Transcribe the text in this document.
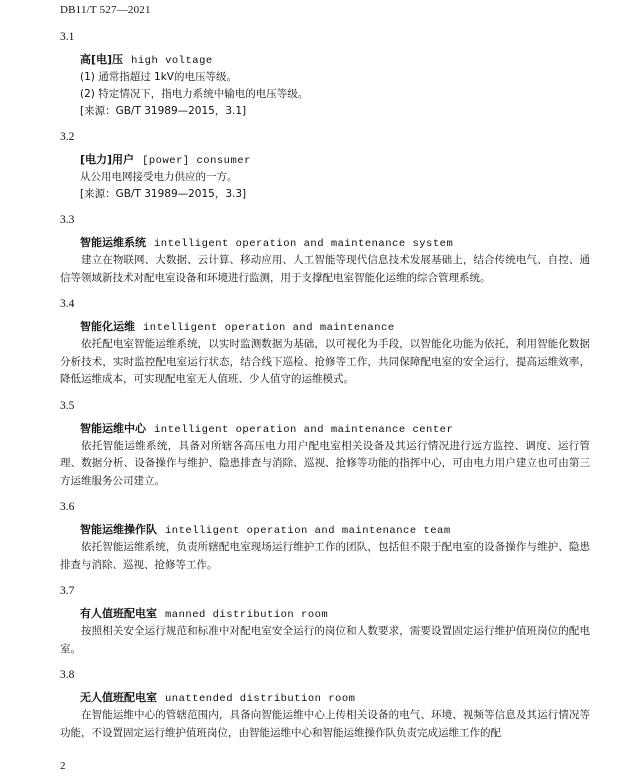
DB11/T 527—2021
3.1
高[电]压 high voltage
(1) 通常指超过 1kV的电压等级。
(2) 特定情况下，指电力系统中输电的电压等级。
[来源：GB/T 31989—2015，3.1]
3.2
[电力]用户 [power] consumer
从公用电网接受电力供应的一方。
[来源：GB/T 31989—2015，3.3]
3.3
智能运维系统 intelligent operation and maintenance system

建立在物联网、大数据、云计算、移动应用、人工智能等现代信息技术发展基础上，结合传统电气、自控、通信等领域新技术对配电室设备和环境进行监测，用于支撑配电室智能化运维的综合管理系统。

3.4
智能化运维 intelligent operation and maintenance

依托配电室智能运维系统，以实时监测数据为基础，以可视化为手段，以智能化功能为依托，利用智能化数据分析技术，实时监控配电室运行状态，结合线下巡检、抢修等工作，共同保障配电室的安全运行，提高运维效率，降低运维成本，可实现配电室无人值班、少人值守的运维模式。

3.5
智能运维中心 intelligent operation and maintenance center

依托智能运维系统，具备对所辖各高压电力用户配电室相关设备及其运行情况进行远方监控、调度、运行管理、数据分析、设备操作与维护、隐患排查与消除、巡视、抢修等功能的指挥中心，可由电力用户建立也可由第三方运维服务公司建立。

3.6
智能运维操作队 intelligent operation and maintenance team

依托智能运维系统，负责所辖配电室现场运行维护工作的团队，包括但不限于配电室的设备操作与维护、隐患排查与消除、巡视、抢修等工作。

3.7
有人值班配电室 manned distribution room

按照相关安全运行规范和标准中对配电室安全运行的岗位和人数要求，需要设置固定运行维护值班岗位的配电室。

3.8
无人值班配电室 unattended distribution room

在智能运维中心的管辖范围内，具备向智能运维中心上传相关设备的电气、环境、视频等信息及其运行情况等功能，不设置固定运行维护值班岗位，由智能运维中心和智能运维操作队负责完成运维工作的配

2
